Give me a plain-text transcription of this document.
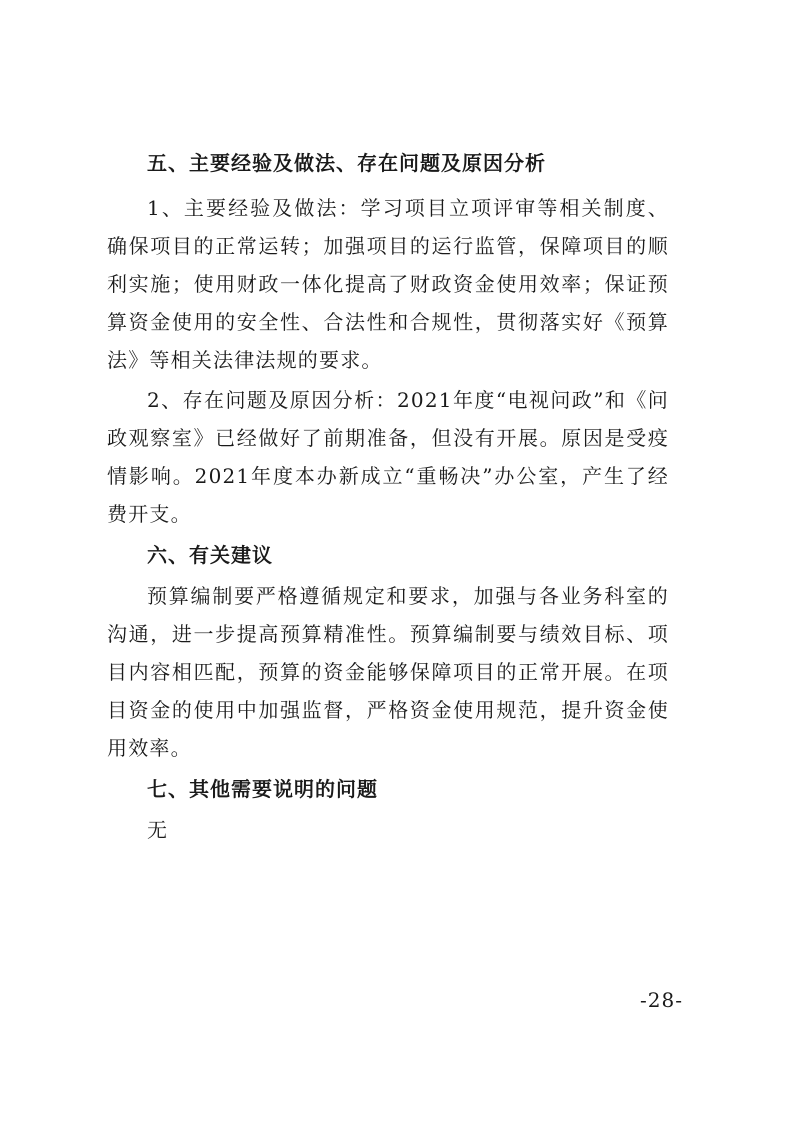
五、主要经验及做法、存在问题及原因分析

1、主要经验及做法：学习项目立项评审等相关制度、确保项目的正常运转；加强项目的运行监管，保障项目的顺利实施；使用财政一体化提高了财政资金使用效率；保证预算资金使用的安全性、合法性和合规性，贯彻落实好《预算法》等相关法律法规的要求。

2、存在问题及原因分析：2021年度“电视问政”和《问政观察室》已经做好了前期准备，但没有开展。原因是受疫情影响。2021年度本办新成立“重畅决”办公室，产生了经费开支。

六、有关建议

预算编制要严格遵循规定和要求，加强与各业务科室的沟通，进一步提高预算精准性。预算编制要与绩效目标、项目内容相匹配，预算的资金能够保障项目的正常开展。在项目资金的使用中加强监督，严格资金使用规范，提升资金使用效率。

七、其他需要说明的问题

无

-28-
